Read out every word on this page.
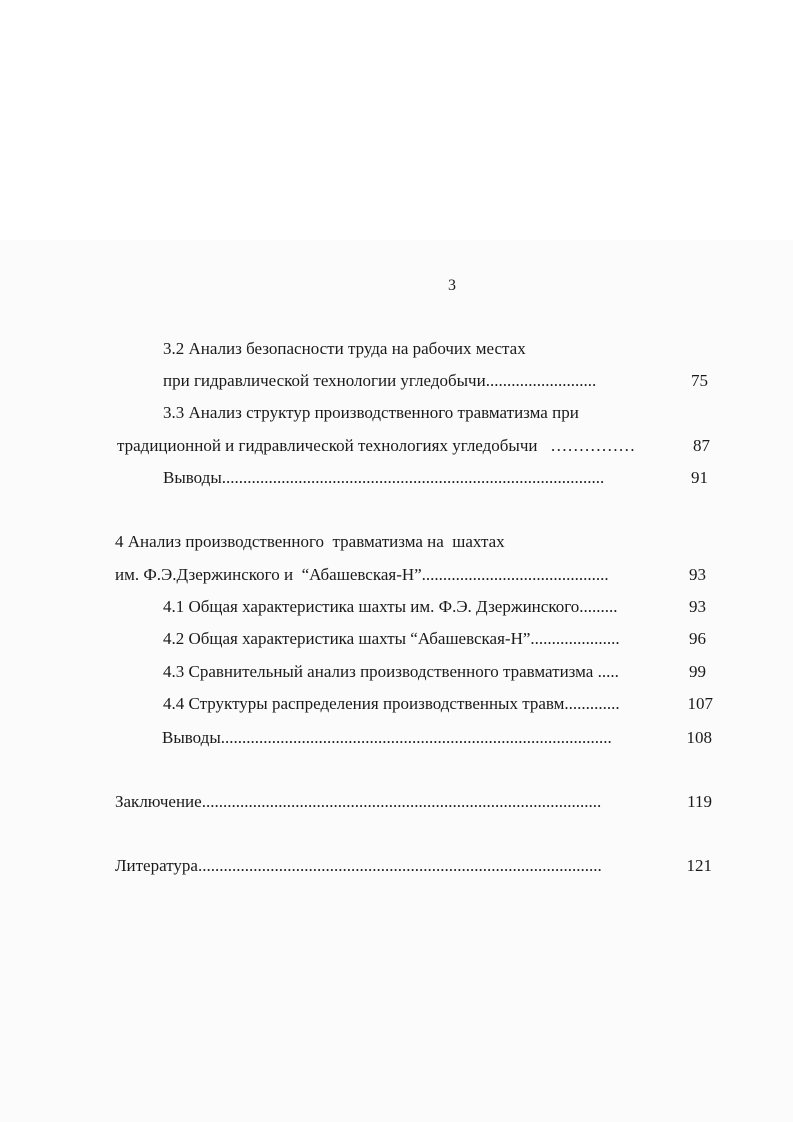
3
3.2 Анализ безопасности труда на рабочих местах
при гидравлической технологии угледобычи..........................	75
3.3 Анализ структур производственного травматизма при
традиционной и гидравлической технологиях угледобычи   ……………	87
Выводы..........................................................................................	91
4 Анализ производственного  травматизма на  шахтах
им. Ф.Э.Дзержинского и  “Абашевская-Н”............................................	93
4.1 Общая характеристика шахты им. Ф.Э. Дзержинского.........	93
4.2 Общая характеристика шахты “Абашевская-Н”.....................	96
4.3 Сравнительный анализ производственного травматизма .....	99
4.4 Структуры распределения производственных травм.............	107
Выводы............................................................................................	108
Заключение..............................................................................................	119
Литература...............................................................................................	121
